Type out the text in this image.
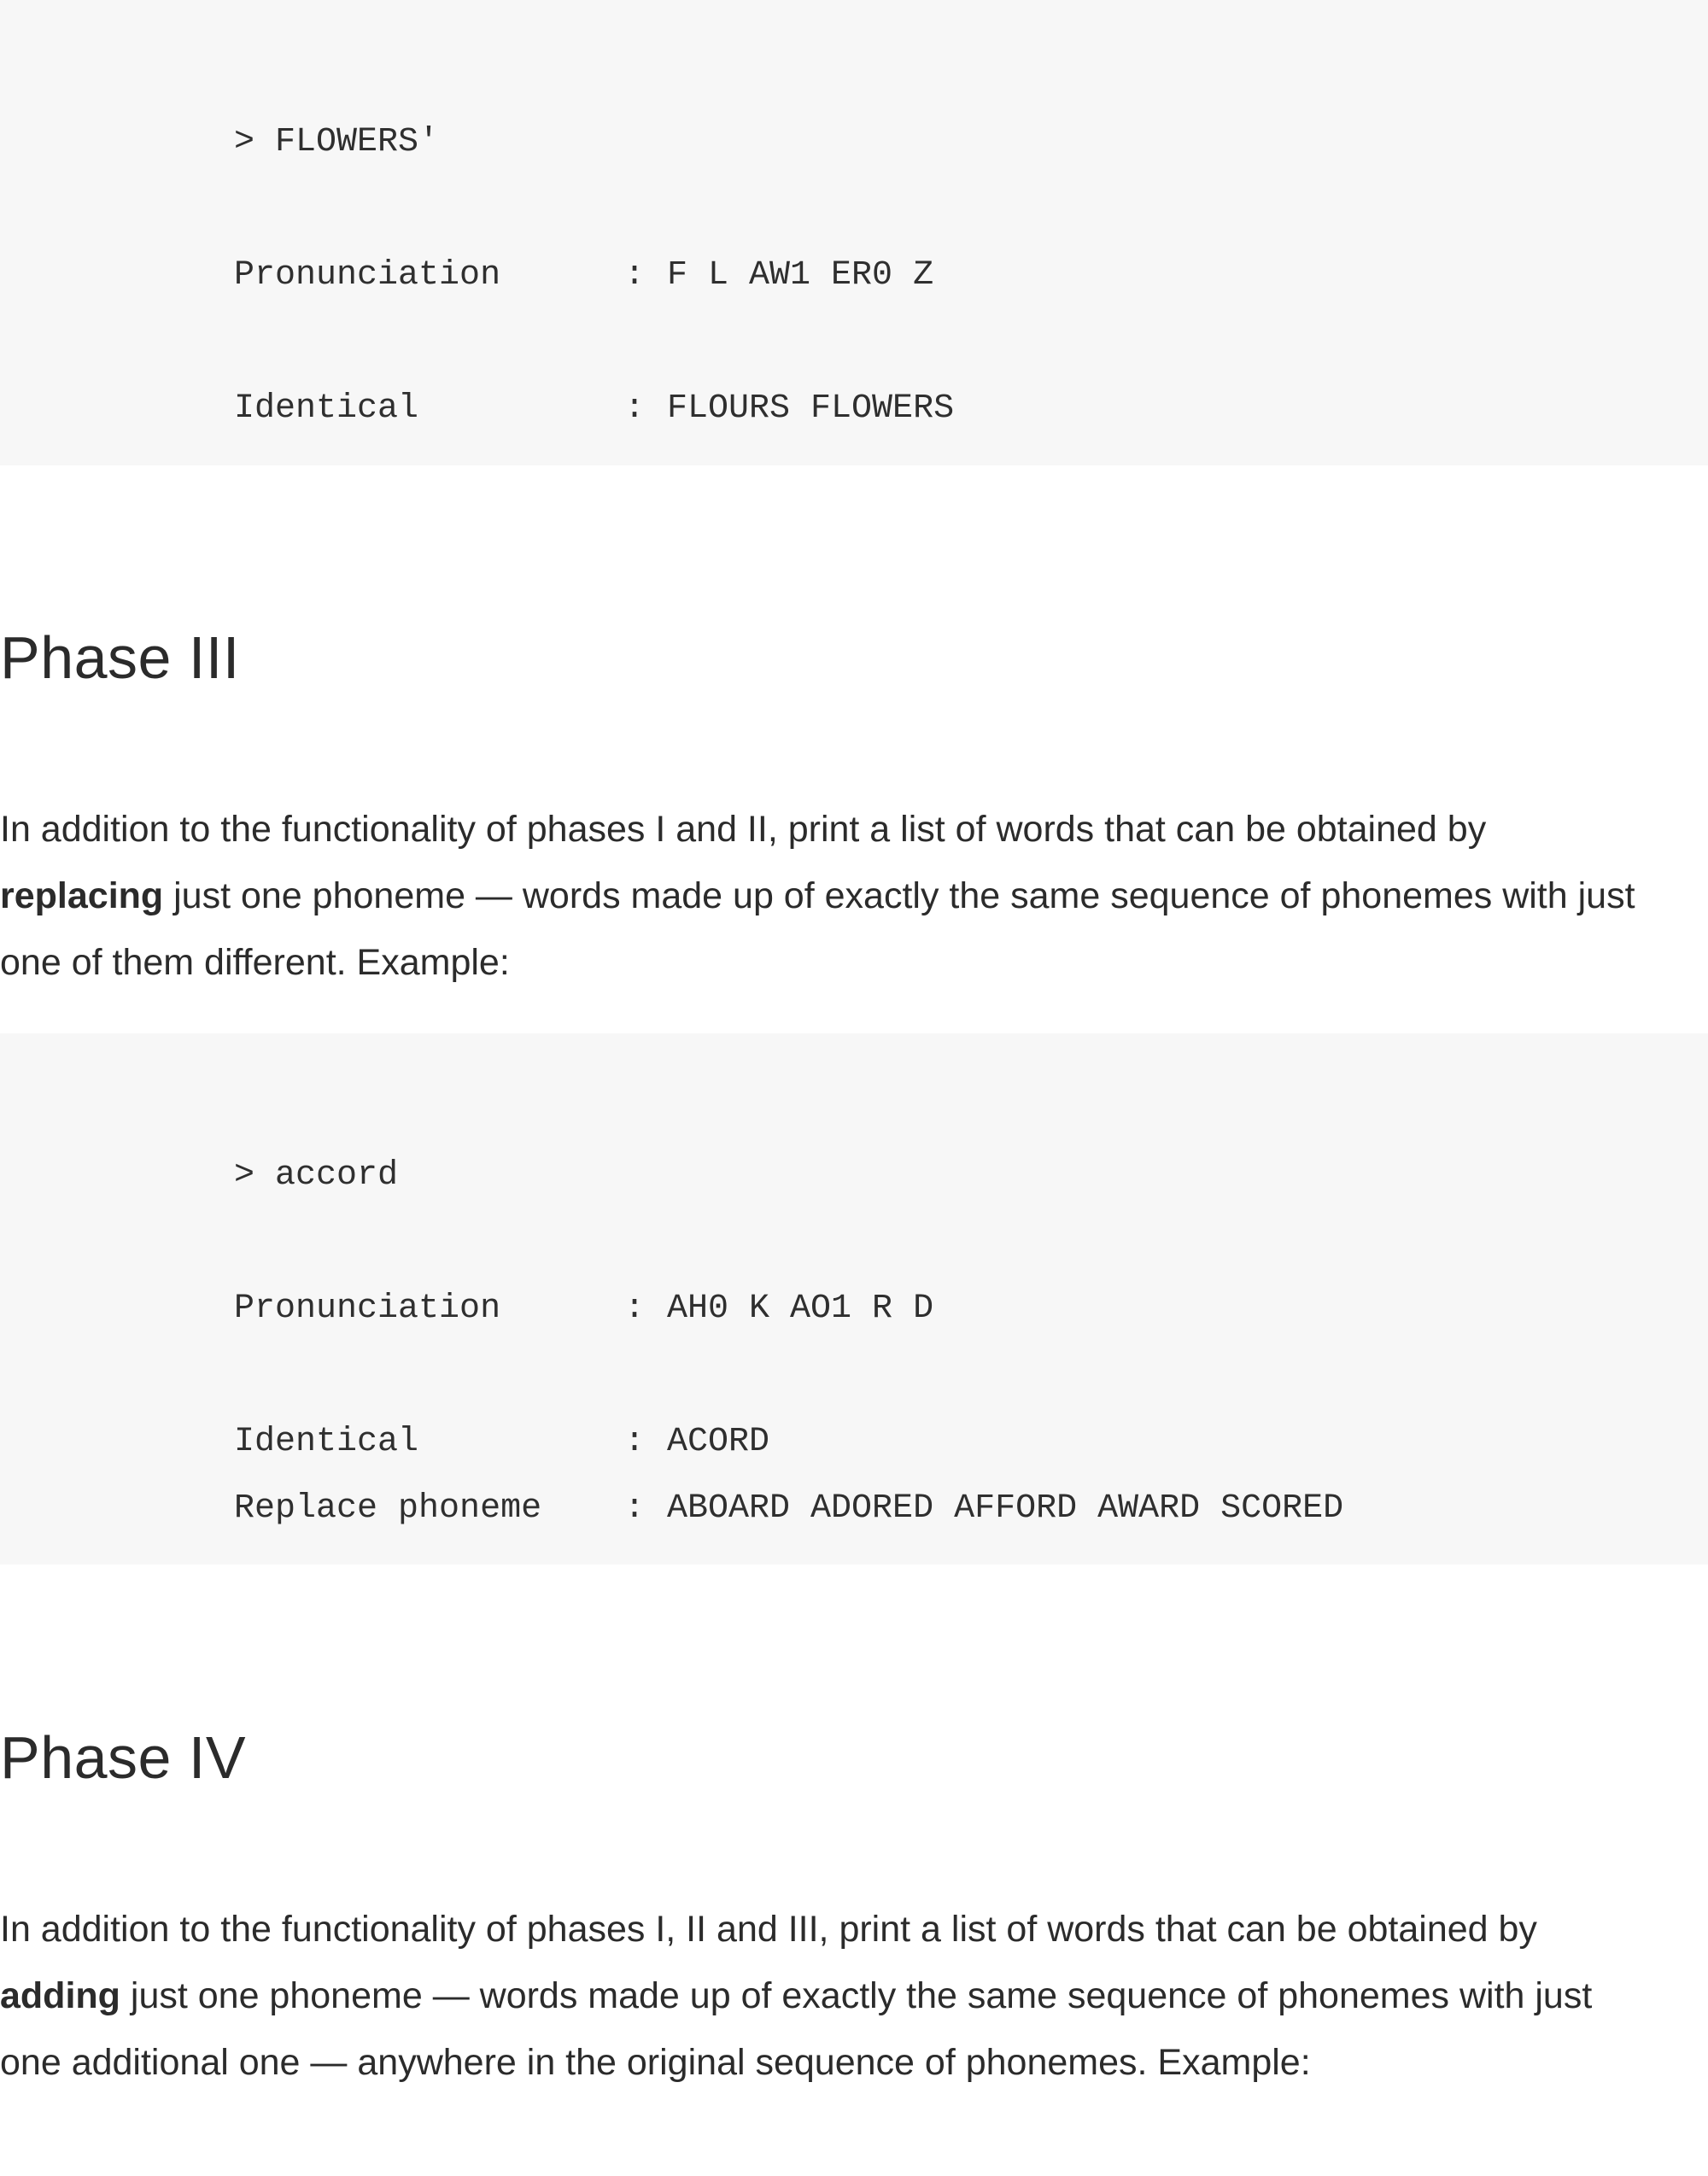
> FLOWERS'

Pronunciation	: F L AW1 ER0 Z

Identical	: FLOURS FLOWERS

Phase III

In addition to the functionality of phases I and II, print a list of words that can be obtained by
replacing just one phoneme — words made up of exactly the same sequence of phonemes with just
one of them different. Example:

> accord

Pronunciation	: AH0 K AO1 R D

Identical	: ACORD

Replace phoneme : ABOARD ADORED AFFORD AWARD SCORED

Phase IV

In addition to the functionality of phases I, II and III, print a list of words that can be obtained by
adding just one phoneme — words made up of exactly the same sequence of phonemes with just
one additional one — anywhere in the original sequence of phonemes. Example:
